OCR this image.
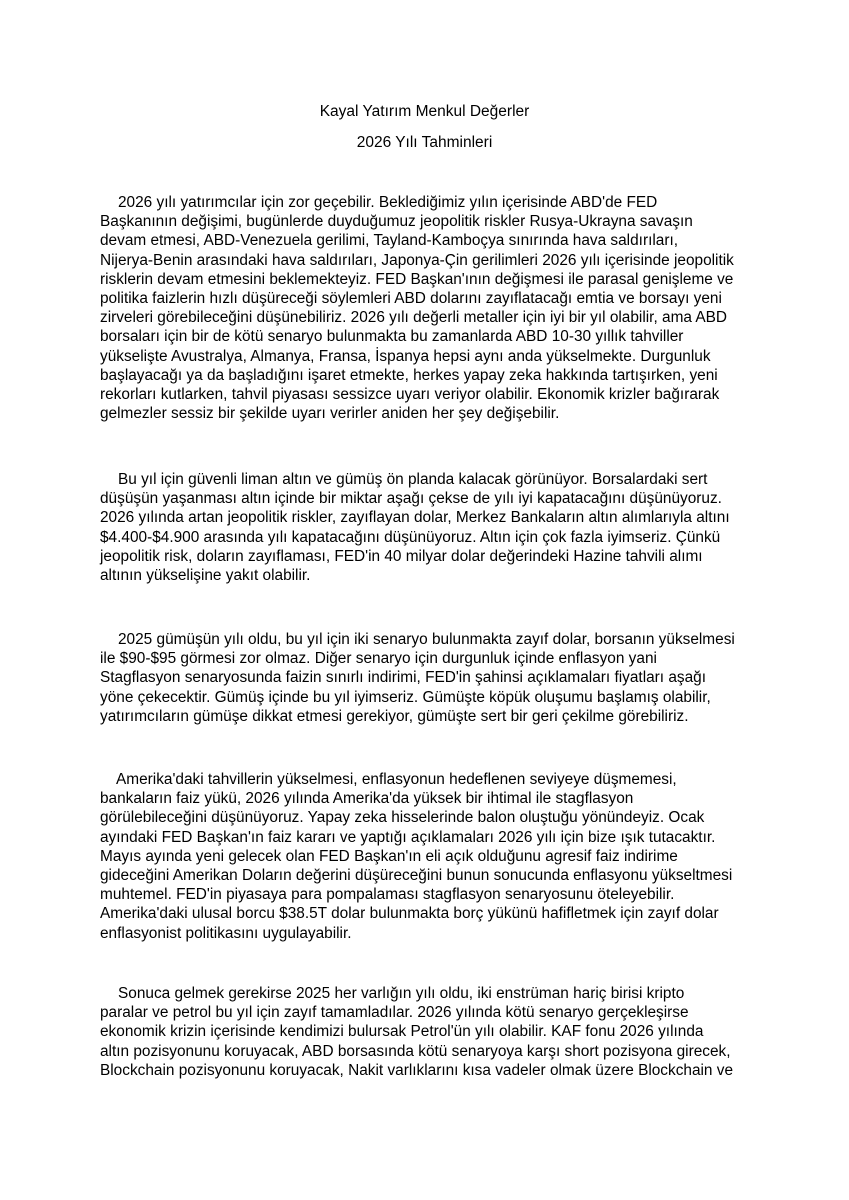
Kayal Yatırım Menkul Değerler
2026 Yılı Tahminleri
2026 yılı yatırımcılar için zor geçebilir. Beklediğimiz yılın içerisinde ABD'de FED
Başkanının değişimi, bugünlerde duyduğumuz jeopolitik riskler Rusya-Ukrayna savaşın
devam etmesi, ABD-Venezuela gerilimi, Tayland-Kamboçya sınırında hava saldırıları,
Nijerya-Benin arasındaki hava saldırıları, Japonya-Çin gerilimleri 2026 yılı içerisinde jeopolitik
risklerin devam etmesini beklemekteyiz. FED Başkan'ının değişmesi ile parasal genişleme ve
politika faizlerin hızlı düşüreceği söylemleri ABD dolarını zayıflatacağı emtia ve borsayı yeni
zirveleri görebileceğini düşünebiliriz. 2026 yılı değerli metaller için iyi bir yıl olabilir, ama ABD
borsaları için bir de kötü senaryo bulunmakta bu zamanlarda ABD 10-30 yıllık tahviller
yükselişte Avustralya, Almanya, Fransa, İspanya hepsi aynı anda yükselmekte. Durgunluk
başlayacağı ya da başladığını işaret etmekte, herkes yapay zeka hakkında tartışırken, yeni
rekorları kutlarken, tahvil piyasası sessizce uyarı veriyor olabilir. Ekonomik krizler bağırarak
gelmezler sessiz bir şekilde uyarı verirler aniden her şey değişebilir.
Bu yıl için güvenli liman altın ve gümüş ön planda kalacak görünüyor. Borsalardaki sert
düşüşün yaşanması altın içinde bir miktar aşağı çekse de yılı iyi kapatacağını düşünüyoruz.
2026 yılında artan jeopolitik riskler, zayıflayan dolar, Merkez Bankaların altın alımlarıyla altını
$4.400-$4.900 arasında yılı kapatacağını düşünüyoruz. Altın için çok fazla iyimseriz. Çünkü
jeopolitik risk, doların zayıflaması, FED'in 40 milyar dolar değerindeki Hazine tahvili alımı
altının yükselişine yakıt olabilir.
2025 gümüşün yılı oldu, bu yıl için iki senaryo bulunmakta zayıf dolar, borsanın yükselmesi
ile $90-$95 görmesi zor olmaz. Diğer senaryo için durgunluk içinde enflasyon yani
Stagflasyon senaryosunda faizin sınırlı indirimi, FED'in şahinsi açıklamaları fiyatları aşağı
yöne çekecektir. Gümüş içinde bu yıl iyimseriz. Gümüşte köpük oluşumu başlamış olabilir,
yatırımcıların gümüşe dikkat etmesi gerekiyor, gümüşte sert bir geri çekilme görebiliriz.
Amerika'daki tahvillerin yükselmesi, enflasyonun hedeflenen seviyeye düşmemesi,
bankaların faiz yükü, 2026 yılında Amerika'da yüksek bir ihtimal ile stagflasyon
görülebileceğini düşünüyoruz. Yapay zeka hisselerinde balon oluştuğu yönündeyiz. Ocak
ayındaki FED Başkan'ın faiz kararı ve yaptığı açıklamaları 2026 yılı için bize ışık tutacaktır.
Mayıs ayında yeni gelecek olan FED Başkan'ın eli açık olduğunu agresif faiz indirime
gideceğini Amerikan Doların değerini düşüreceğini bunun sonucunda enflasyonu yükseltmesi
muhtemel. FED'in piyasaya para pompalaması stagflasyon senaryosunu öteleyebilir.
Amerika'daki ulusal borcu $38.5T dolar bulunmakta borç yükünü hafifletmek için zayıf dolar
enflasyonist politikasını uygulayabilir.
Sonuca gelmek gerekirse 2025 her varlığın yılı oldu, iki enstrüman hariç birisi kripto
paralar ve petrol bu yıl için zayıf tamamladılar. 2026 yılında kötü senaryo gerçekleşirse
ekonomik krizin içerisinde kendimizi bulursak Petrol'ün yılı olabilir. KAF fonu 2026 yılında
altın pozisyonunu koruyacak, ABD borsasında kötü senaryoya karşı short pozisyona girecek,
Blockchain pozisyonunu koruyacak, Nakit varlıklarını kısa vadeler olmak üzere Blockchain ve
